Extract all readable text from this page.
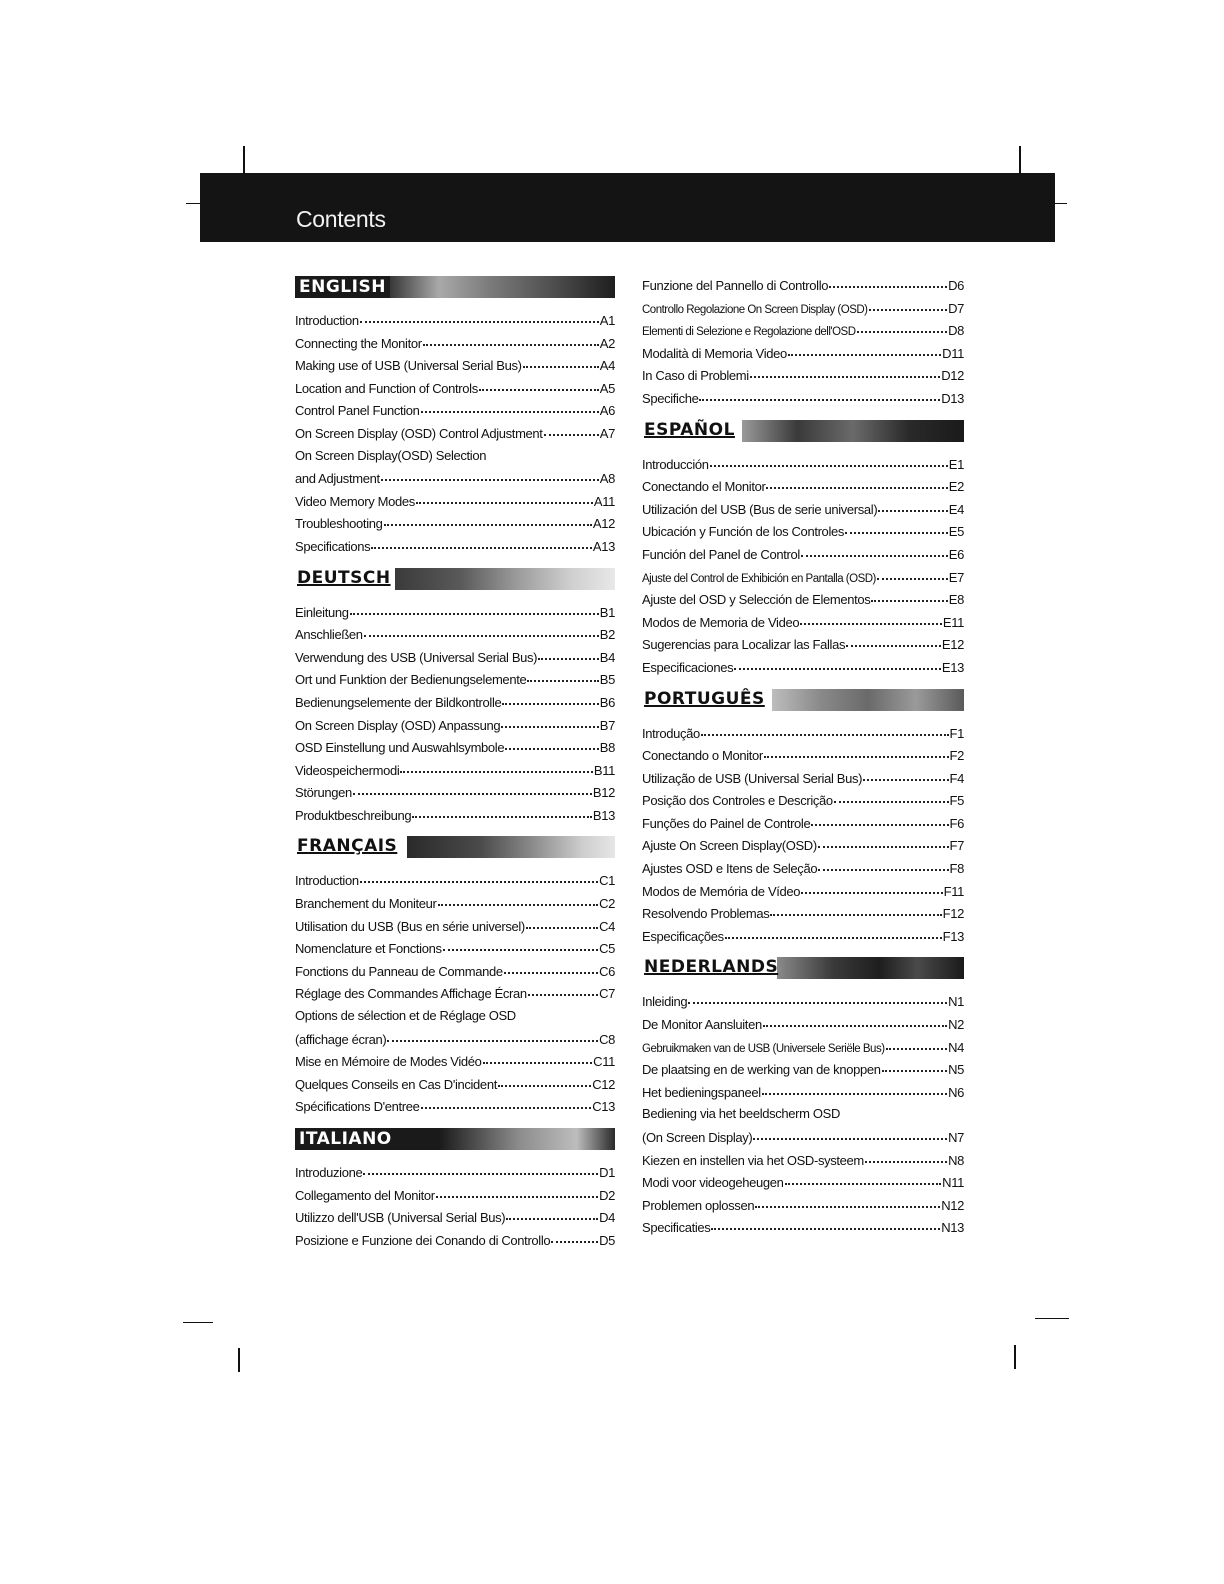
Contents
ENGLISH
Introduction	A1
Connecting the Monitor	A2
Making use of USB (Universal Serial Bus)	A4
Location and Function of Controls	A5
Control Panel Function	A6
On Screen Display (OSD) Control Adjustment	A7
On Screen Display(OSD) Selection
and Adjustment	A8
Video Memory Modes	A11
Troubleshooting	A12
Specifications	A13
DEUTSCH
Einleitung	B1
Anschließen	B2
Verwendung des USB (Universal Serial Bus)	B4
Ort und Funktion der Bedienungselemente	B5
Bedienungselemente der Bildkontrolle	B6
On Screen Display (OSD) Anpassung	B7
OSD Einstellung und Auswahlsymbole	B8
Videospeichermodi	B11
Störungen	B12
Produktbeschreibung	B13
FRANÇAIS
Introduction	C1
Branchement du Moniteur	C2
Utilisation du USB (Bus en série universel)	C4
Nomenclature et Fonctions	C5
Fonctions du Panneau de Commande	C6
Réglage des Commandes Affichage Écran	C7
Options de sélection et de Réglage OSD
(affichage écran)	C8
Mise en Mémoire de Modes Vidéo	C11
Quelques Conseils en Cas D'incident	C12
Spécifications D'entree	C13
ITALIANO
Introduzione	D1
Collegamento del Monitor	D2
Utilizzo dell'USB (Universal Serial Bus)	D4
Posizione e Funzione dei Conando di Controllo	D5
Funzione del Pannello di Controllo	D6
Controllo Regolazione On Screen Display (OSD)	D7
Elementi di Selezione e Regolazione dell'OSD	D8
Modalità di Memoria Video	D11
In Caso di Problemi	D12
Specifiche	D13
ESPAÑOL
Introducción	E1
Conectando el Monitor	E2
Utilización del USB (Bus de serie universal)	E4
Ubicación y Función de los Controles	E5
Función del Panel de Control	E6
Ajuste del Control de Exhibición en Pantalla (OSD)	E7
Ajuste del OSD y Selección de Elementos	E8
Modos de Memoria de Video	E11
Sugerencias para Localizar las Fallas	E12
Especificaciones	E13
PORTUGUÊS
Introdução	F1
Conectando o Monitor	F2
Utilização de USB (Universal Serial Bus)	F4
Posição dos Controles e Descrição	F5
Funções do Painel de Controle	F6
Ajuste On Screen Display(OSD)	F7
Ajustes OSD e Itens de Seleção	F8
Modos de Memória de Vídeo	F11
Resolvendo Problemas	F12
Especificações	F13
NEDERLANDS
Inleiding	N1
De Monitor Aansluiten	N2
Gebruikmaken van de USB (Universele Seriële Bus)	N4
De plaatsing en de werking van de knoppen	N5
Het bedieningspaneel	N6
Bediening via het beeldscherm OSD
(On Screen Display)	N7
Kiezen en instellen via het OSD-systeem	N8
Modi voor videogeheugen	N11
Problemen oplossen	N12
Specificaties	N13
